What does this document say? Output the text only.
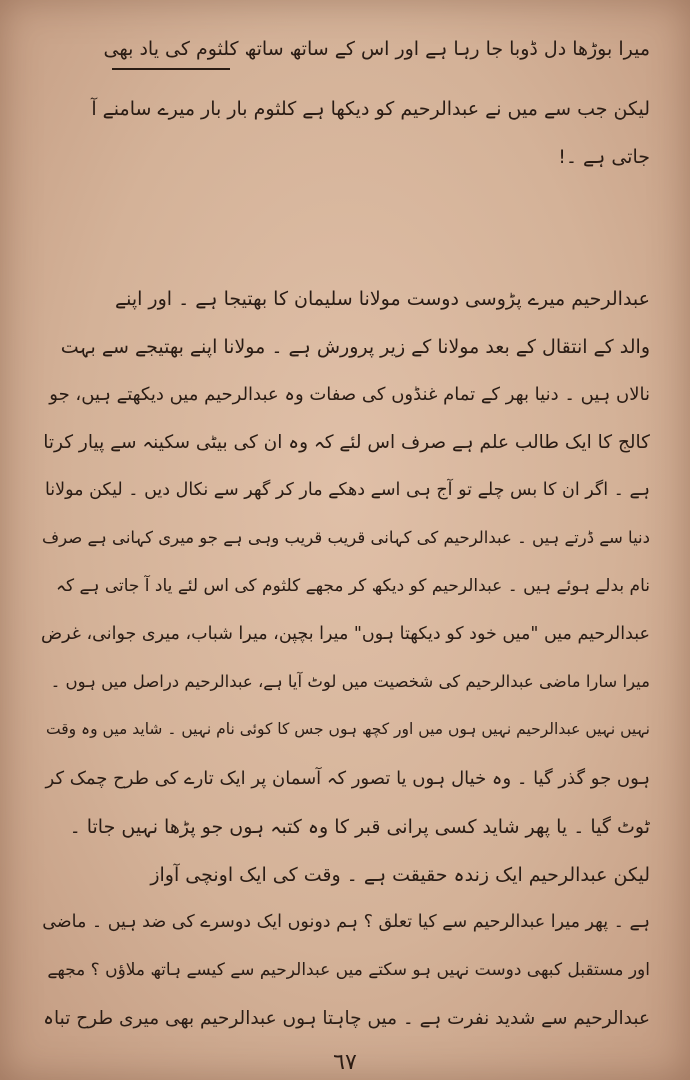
میرا بوڑھا دل ڈوبا جا رہا ہے اور اس کے ساتھ ساتھ کلثوم کی یاد بھی
لیکن جب سے میں نے عبدالرحیم کو دیکھا ہے کلثوم بار بار میرے سامنے آ
جاتی ہے ۔!
عبدالرحیم میرے پڑوسی دوست مولانا سلیمان کا بھتیجا ہے ۔ اور اپنے
والد کے انتقال کے بعد مولانا کے زیر پرورش ہے ۔ مولانا اپنے بھتیجے سے بہت
نالاں ہیں ۔ دنیا بھر کے تمام غنڈوں کی صفات وہ عبدالرحیم میں دیکھتے ہیں، جو
کالج کا ایک طالب علم ہے صرف اس لئے کہ وہ ان کی بیٹی سکینہ سے پیار کرتا
ہے ۔ اگر ان کا بس چلے تو آج ہی اسے دھکے مار کر گھر سے نکال دیں ۔ لیکن مولانا
دنیا سے ڈرتے ہیں ۔ عبدالرحیم کی کہانی قریب قریب وہی ہے جو میری کہانی ہے صرف
نام بدلے ہوئے ہیں ۔ عبدالرحیم کو دیکھ کر مجھے کلثوم کی اس لئے یاد آ جاتی ہے کہ
عبدالرحیم میں "میں خود کو دیکھتا ہوں" میرا بچپن، میرا شباب، میری جوانی، غرض
میرا سارا ماضی عبدالرحیم کی شخصیت میں لوٹ آیا ہے، عبدالرحیم دراصل میں ہوں ۔
نہیں نہیں عبدالرحیم نہیں ہوں میں اور کچھ ہوں جس کا کوئی نام نہیں ۔ شاید میں وہ وقت
ہوں جو گذر گیا ۔ وہ خیال ہوں یا تصور کہ آسمان پر ایک تارے کی طرح چمک کر
ٹوٹ گیا ۔ یا پھر شاید کسی پرانی قبر کا وہ کتبہ ہوں جو پڑھا نہیں جاتا ۔
لیکن عبدالرحیم ایک زندہ حقیقت ہے ۔ وقت کی ایک اونچی آواز
ہے ۔ پھر میرا عبدالرحیم سے کیا تعلق ؟ ہم دونوں ایک دوسرے کی ضد ہیں ۔ ماضی
اور مستقبل کبھی دوست نہیں ہو سکتے میں عبدالرحیم سے کیسے ہاتھ ملاؤں ؟ مجھے
عبدالرحیم سے شدید نفرت ہے ۔ میں چاہتا ہوں عبدالرحیم بھی میری طرح تباہ
٦٧
